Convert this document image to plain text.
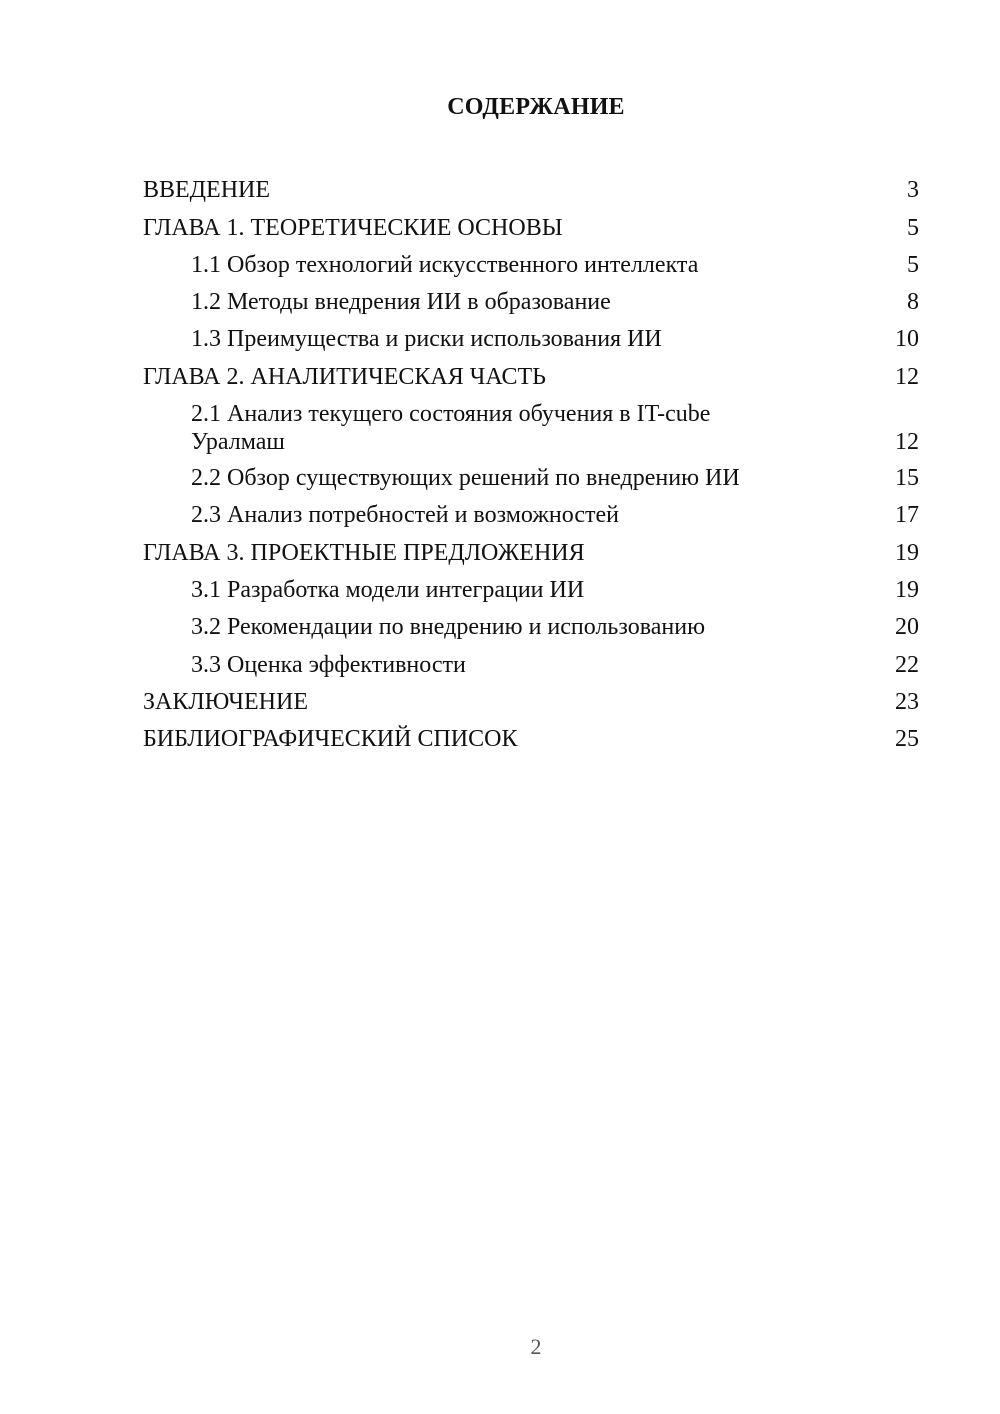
СОДЕРЖАНИЕ
ВВЕДЕНИЕ	3
ГЛАВА 1. ТЕОРЕТИЧЕСКИЕ ОСНОВЫ	5
1.1 Обзор технологий искусственного интеллекта	5
1.2 Методы внедрения ИИ в образование	8
1.3 Преимущества и риски использования ИИ	10
ГЛАВА 2. АНАЛИТИЧЕСКАЯ ЧАСТЬ	12
2.1 Анализ текущего состояния обучения в IT-cube Уралмаш	12
2.2 Обзор существующих решений по внедрению ИИ	15
2.3 Анализ потребностей и возможностей	17
ГЛАВА 3. ПРОЕКТНЫЕ ПРЕДЛОЖЕНИЯ	19
3.1 Разработка модели интеграции ИИ	19
3.2 Рекомендации по внедрению и использованию	20
3.3 Оценка эффективности	22
ЗАКЛЮЧЕНИЕ	23
БИБЛИОГРАФИЧЕСКИЙ СПИСОК	25
2
